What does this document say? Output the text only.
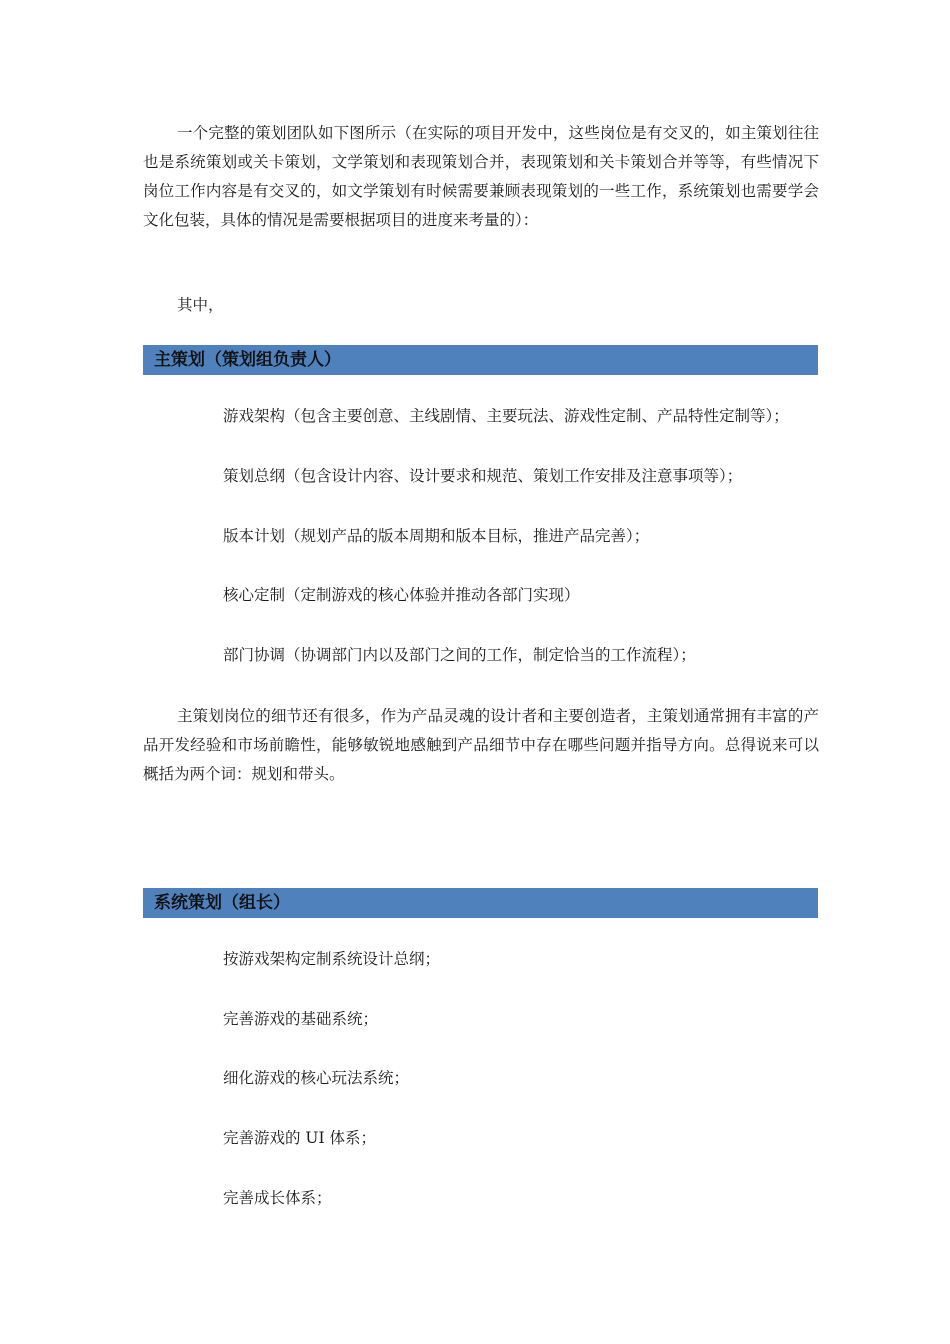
一个完整的策划团队如下图所示（在实际的项目开发中，这些岗位是有交叉的，如主策划往往也是系统策划或关卡策划，文学策划和表现策划合并，表现策划和关卡策划合并等等，有些情况下岗位工作内容是有交叉的，如文学策划有时候需要兼顾表现策划的一些工作，系统策划也需要学会文化包装，具体的情况是需要根据项目的进度来考量的）：

其中，

主策划（策划组负责人）

游戏架构（包含主要创意、主线剧情、主要玩法、游戏性定制、产品特性定制等）；

策划总纲（包含设计内容、设计要求和规范、策划工作安排及注意事项等）；

版本计划（规划产品的版本周期和版本目标，推进产品完善）；

核心定制（定制游戏的核心体验并推动各部门实现）

部门协调（协调部门内以及部门之间的工作，制定恰当的工作流程）；

主策划岗位的细节还有很多，作为产品灵魂的设计者和主要创造者，主策划通常拥有丰富的产品开发经验和市场前瞻性，能够敏锐地感触到产品细节中存在哪些问题并指导方向。总得说来可以概括为两个词：规划和带头。

系统策划（组长）

按游戏架构定制系统设计总纲；

完善游戏的基础系统；

细化游戏的核心玩法系统；

完善游戏的 UI 体系；

完善成长体系；
